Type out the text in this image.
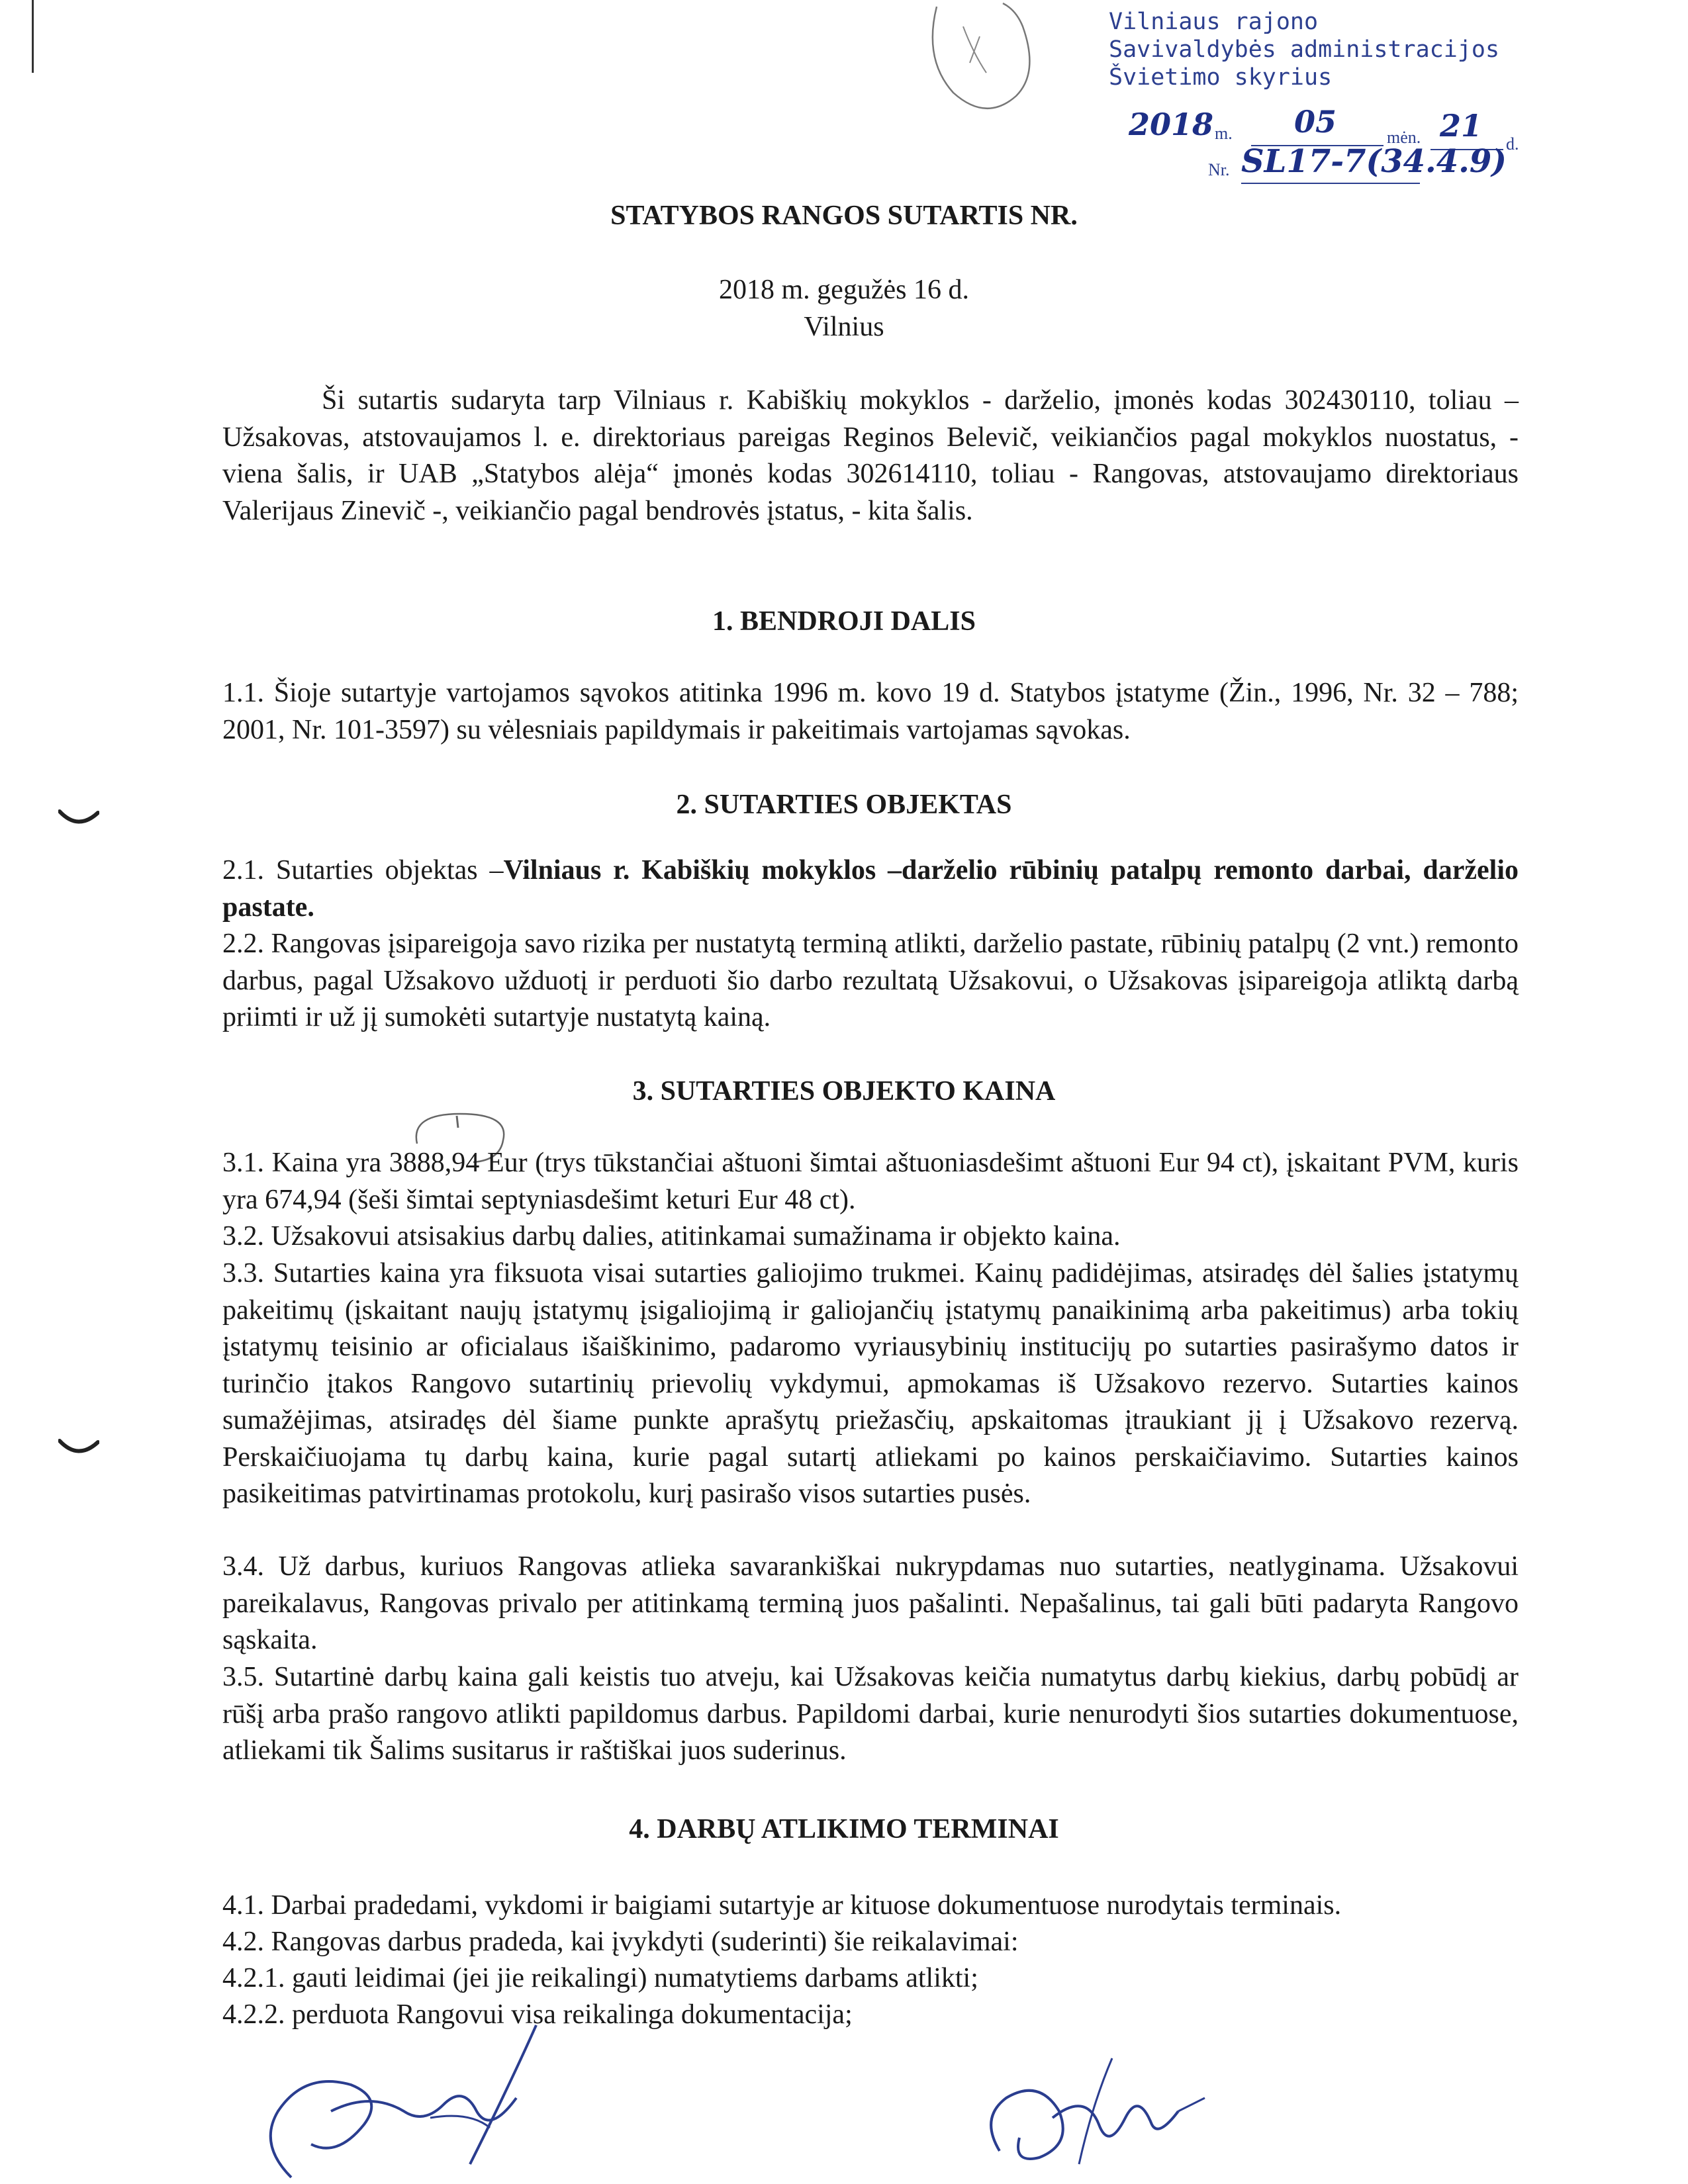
Vilniaus rajono
Savivaldybės administracijos
Švietimo skyrius
2018 m. 05	mėn. 21
d.
Nr. SL17-7(34.4.9)
STATYBOS RANGOS SUTARTIS NR.
2018 m. gegužės 16 d.
Vilnius
Ši sutartis sudaryta tarp Vilniaus r. Kabiškių mokyklos - darželio, įmonės kodas 302430110, toliau – Užsakovas, atstovaujamos l. e. direktoriaus pareigas Reginos Belevič, veikiančios pagal mokyklos nuostatus, - viena šalis, ir UAB „Statybos alėja“ įmonės kodas 302614110, toliau - Rangovas, atstovaujamo direktoriaus Valerijaus Zinevič -, veikiančio pagal bendrovės įstatus, - kita šalis.
1. BENDROJI DALIS
1.1. Šioje sutartyje vartojamos sąvokos atitinka 1996 m. kovo 19 d. Statybos įstatyme (Žin., 1996, Nr. 32 – 788; 2001, Nr. 101-3597) su vėlesniais papildymais ir pakeitimais vartojamas sąvokas.
2. SUTARTIES OBJEKTAS
2.1. Sutarties objektas –Vilniaus r. Kabiškių mokyklos –darželio rūbinių patalpų remonto darbai, darželio pastate.
2.2. Rangovas įsipareigoja savo rizika per nustatytą terminą atlikti, darželio pastate, rūbinių patalpų (2 vnt.) remonto darbus, pagal Užsakovo užduotį ir perduoti šio darbo rezultatą Užsakovui, o Užsakovas įsipareigoja atliktą darbą priimti ir už jį sumokėti sutartyje nustatytą kainą.
3. SUTARTIES OBJEKTO KAINA
3.1. Kaina yra 3888,94 Eur (trys tūkstančiai aštuoni šimtai aštuoniasdešimt aštuoni Eur 94 ct), įskaitant PVM, kuris yra 674,94 (šeši šimtai septyniasdešimt keturi Eur 48 ct).
3.2. Užsakovui atsisakius darbų dalies, atitinkamai sumažinama ir objekto kaina.
3.3. Sutarties kaina yra fiksuota visai sutarties galiojimo trukmei. Kainų padidėjimas, atsiradęs dėl šalies įstatymų pakeitimų (įskaitant naujų įstatymų įsigaliojimą ir galiojančių įstatymų panaikinimą arba pakeitimus) arba tokių įstatymų teisinio ar oficialaus išaiškinimo, padaromo vyriausybinių institucijų po sutarties pasirašymo datos ir turinčio įtakos Rangovo sutartinių prievolių vykdymui, apmokamas iš Užsakovo rezervo. Sutarties kainos sumažėjimas, atsiradęs dėl šiame punkte aprašytų priežasčių, apskaitomas įtraukiant jį į Užsakovo rezervą. Perskaičiuojama tų darbų kaina, kurie pagal sutartį atliekami po kainos perskaičiavimo. Sutarties kainos pasikeitimas patvirtinamas protokolu, kurį pasirašo visos sutarties pusės.
3.4. Už darbus, kuriuos Rangovas atlieka savarankiškai nukrypdamas nuo sutarties, neatlyginama. Užsakovui pareikalavus, Rangovas privalo per atitinkamą terminą juos pašalinti. Nepašalinus, tai gali būti padaryta Rangovo sąskaita.
3.5. Sutartinė darbų kaina gali keistis tuo atveju, kai Užsakovas keičia numatytus darbų kiekius, darbų pobūdį ar rūšį arba prašo rangovo atlikti papildomus darbus. Papildomi darbai, kurie nenurodyti šios sutarties dokumentuose, atliekami tik Šalims susitarus ir raštiškai juos suderinus.
4. DARBŲ ATLIKIMO TERMINAI
4.1. Darbai pradedami, vykdomi ir baigiami sutartyje ar kituose dokumentuose nurodytais terminais.
4.2. Rangovas darbus pradeda, kai įvykdyti (suderinti) šie reikalavimai:
4.2.1. gauti leidimai (jei jie reikalingi) numatytiems darbams atlikti;
4.2.2. perduota Rangovui visa reikalinga dokumentacija;
